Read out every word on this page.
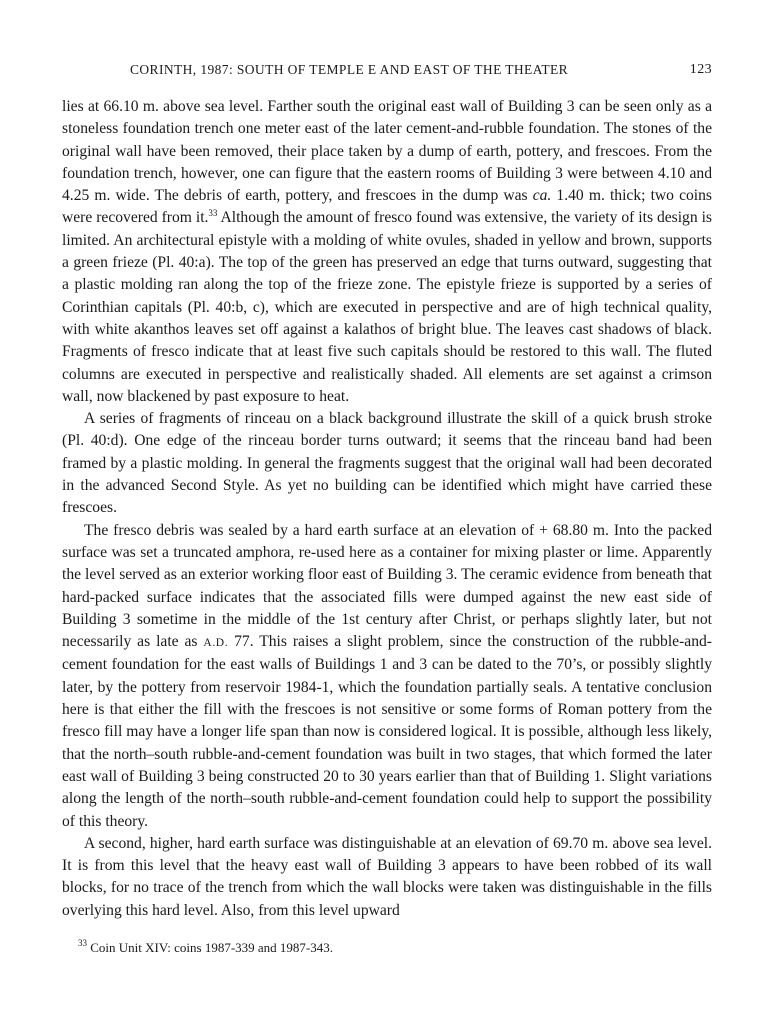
CORINTH, 1987: SOUTH OF TEMPLE E AND EAST OF THE THEATER	123

lies at 66.10 m. above sea level. Farther south the original east wall of Building 3 can be seen only as a stoneless foundation trench one meter east of the later cement-and-rubble foundation. The stones of the original wall have been removed, their place taken by a dump of earth, pottery, and frescoes. From the foundation trench, however, one can figure that the eastern rooms of Building 3 were between 4.10 and 4.25 m. wide. The debris of earth, pottery, and frescoes in the dump was ca. 1.40 m. thick; two coins were recovered from it.$^{33}$ Although the amount of fresco found was extensive, the variety of its design is limited. An architectural epistyle with a molding of white ovules, shaded in yellow and brown, supports a green frieze (Pl. 40:a). The top of the green has preserved an edge that turns outward, suggesting that a plastic molding ran along the top of the frieze zone. The epistyle frieze is supported by a series of Corinthian capitals (Pl. 40:b, c), which are executed in perspective and are of high technical quality, with white akanthos leaves set off against a kalathos of bright blue. The leaves cast shadows of black. Fragments of fresco indicate that at least five such capitals should be restored to this wall. The fluted columns are executed in perspective and realistically shaded. All elements are set against a crimson wall, now blackened by past exposure to heat.

A series of fragments of rinceau on a black background illustrate the skill of a quick brush stroke (Pl. 40:d). One edge of the rinceau border turns outward; it seems that the rinceau band had been framed by a plastic molding. In general the fragments suggest that the original wall had been decorated in the advanced Second Style. As yet no building can be identified which might have carried these frescoes.

The fresco debris was sealed by a hard earth surface at an elevation of + 68.80 m. Into the packed surface was set a truncated amphora, re-used here as a container for mixing plaster or lime. Apparently the level served as an exterior working floor east of Building 3. The ceramic evidence from beneath that hard-packed surface indicates that the associated fills were dumped against the new east side of Building 3 sometime in the middle of the 1st century after Christ, or perhaps slightly later, but not necessarily as late as A.D. 77. This raises a slight problem, since the construction of the rubble-and-cement foundation for the east walls of Buildings 1 and 3 can be dated to the 70’s, or possibly slightly later, by the pottery from reservoir 1984-1, which the foundation partially seals. A tentative conclusion here is that either the fill with the frescoes is not sensitive or some forms of Roman pottery from the fresco fill may have a longer life span than now is considered logical. It is possible, although less likely, that the north–south rubble-and-cement foundation was built in two stages, that which formed the later east wall of Building 3 being constructed 20 to 30 years earlier than that of Building 1. Slight variations along the length of the north–south rubble-and-cement foundation could help to support the possibility of this theory.

A second, higher, hard earth surface was distinguishable at an elevation of 69.70 m. above sea level. It is from this level that the heavy east wall of Building 3 appears to have been robbed of its wall blocks, for no trace of the trench from which the wall blocks were taken was distinguishable in the fills overlying this hard level. Also, from this level upward

$^{33}$ Coin Unit XIV: coins 1987-339 and 1987-343.
